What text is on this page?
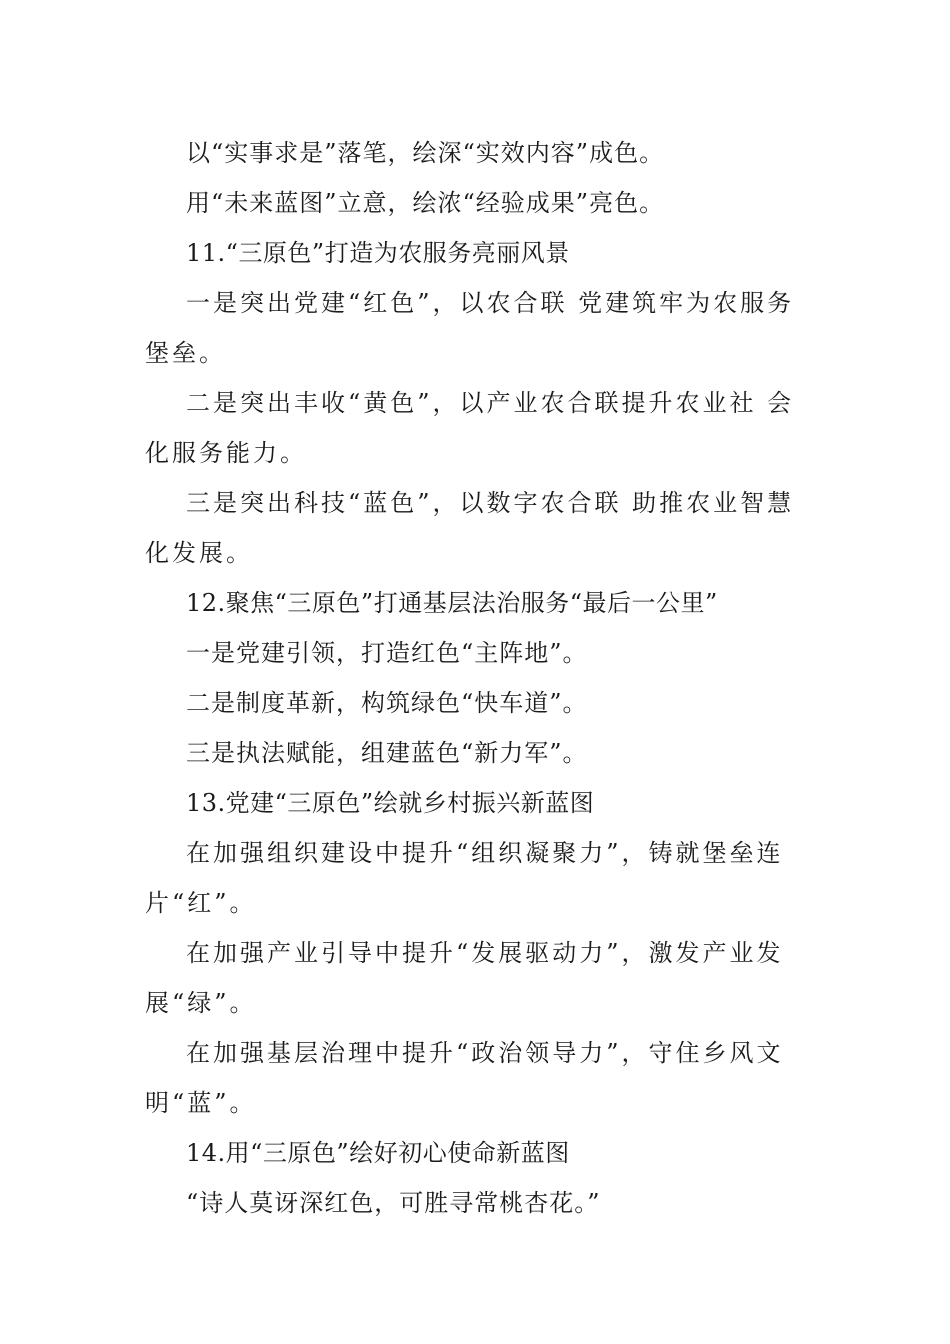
以“实事求是”落笔，绘深“实效内容”成色。

用“未来蓝图”立意，绘浓“经验成果”亮色。

11.“三原色”打造为农服务亮丽风景

一是突出党建“红色”，以农合联 党建筑牢为农服务堡垒。

二是突出丰收“黄色”，以产业农合联提升农业社 会化服务能力。

三是突出科技“蓝色”，以数字农合联 助推农业智慧化发展。

12.聚焦“三原色”打通基层法治服务“最后一公里”

一是党建引领，打造红色“主阵地”。

二是制度革新，构筑绿色“快车道”。

三是执法赋能，组建蓝色“新力军”。

13.党建“三原色”绘就乡村振兴新蓝图

在加强组织建设中提升“组织凝聚力”，铸就堡垒连片“红”。

在加强产业引导中提升“发展驱动力”，激发产业发展“绿”。

在加强基层治理中提升“政治领导力”，守住乡风文明“蓝”。

14.用“三原色”绘好初心使命新蓝图

“诗人莫讶深红色，可胜寻常桃杏花。”
